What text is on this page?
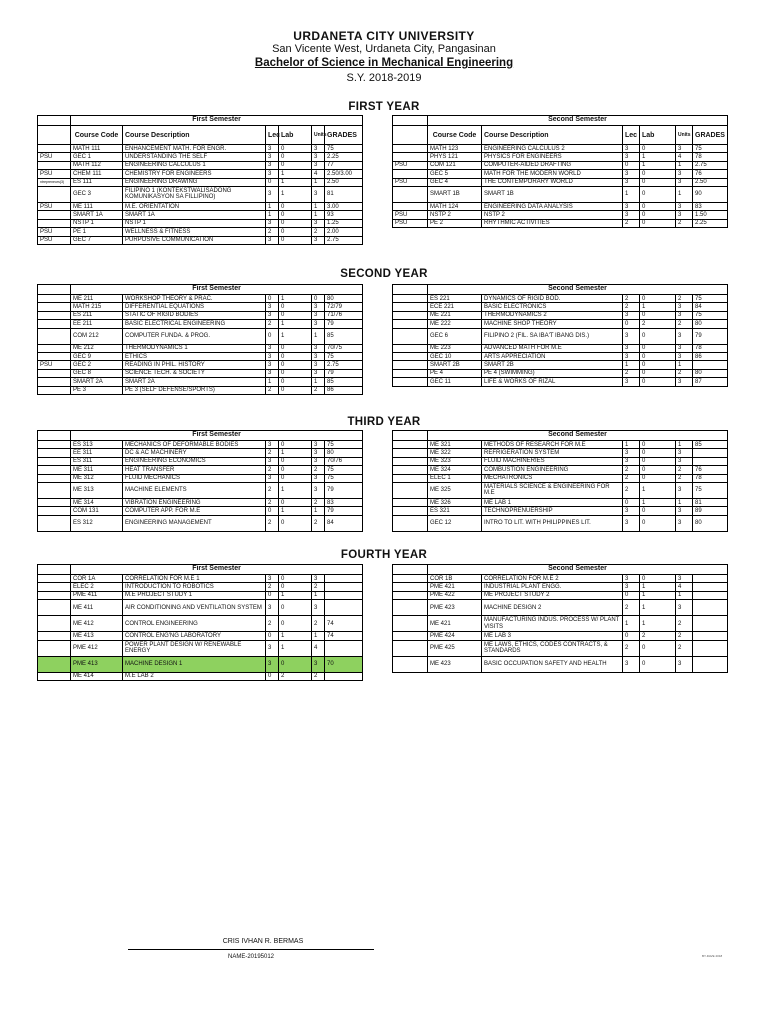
URDANETA CITY UNIVERSITY
San Vicente West, Urdaneta City, Pangasinan
Bachelor of Science in Mechanical Engineering
S.Y. 2018-2019
FIRST YEAR
	First Semester					
	Course Code	Course Description	Lec	Lab	Units	GRADES
	MATH 111	ENHANCEMENT MATH. FOR ENGR.	3	0	3	75
PSU	GEC 1	UNDERSTANDING THE SELF	3	0	3	2.25
	MATH 112	ENGINEERING CALCULUS 1	3	0	3	77
PSU	CHEM 111	CHEMISTRY FOR ENGINEERS	3	1	4	2.50/3.00
ntrepreneurs(3)	ES 111	ENGINEERING DRAWING	0	1	1	2.50
	GEC 3	FILIPINO 1 (KONTEKSTWALISADONG KOMUNIKASYON SA FILLIPINO)	3	1	3	81
PSU	ME 111	M.E. ORIENTATION	1	0	1	3.00
	SMART 1A	SMART 1A	1	0	1	93
	NSTP 1	NSTP 1	3	0	3	1.25
PSU	PE 1	WELLNESS & FITNESS	2	0	2	2.00
PSU	GEC 7	PURPOSIVE COMMUNICATION	3	0	3	2.75
	Second Semester					
	Course Code	Course Description	Lec	Lab	Units	GRADES
	MATH 123	ENGINEERING CALCULUS 2	3	0	3	75
	PHYS 121	PHYSICS FOR ENGINEERS	3	1	4	78
PSU	COM 121	COMPUTER-AIDED DRAFTING	0	1	1	2.75
	GEC 5	MATH FOR THE MODERN WORLD	3	0	3	76
PSU	GEC 4	THE CONTEMPORARY WORLD	3	0	3	2.50
	SMART 1B	SMART 1B	1	0	1	90
	MATH 124	ENGINEERING DATA ANALYSIS	3	0	3	83
PSU	NSTP 2	NSTP 2	3	0	3	1.50
PSU	PE 2	RHYTHMIC ACTIVITIES	2	0	2	2.25
SECOND YEAR
	First Semester					
	ME 211	WORKSHOP THEORY & PRAC.	0	1	0	80
	MATH 215	DIFFERENTIAL EQUATIONS	3	0	3	72/79
	ES 211	STATIC OF RIGID BODIES	3	0	3	71/76
	EE 211	BASIC ELECTRICAL ENGINEERING	2	1	3	79
	COM 212	COMPUTER FUNDA. & PROG.	0	1	1	85
	ME 212	THERMODYNAMICS 1	3	0	3	70/75
	GEC 9	ETHICS	3	0	3	75
PSU	GEC 2	READING IN PHIL. HISTORY	3	0	3	2.75
	GEC 8	SCIENCE TECH. & SOCIETY	3	0	3	79
	SMART 2A	SMART 2A	1	0	1	85
	PE 3	PE 3 (SELF DEFENSE/SPORTS)	2	0	2	86
	Second Semester					
	ES 221	DYNAMICS OF RIGID BOD.	2	0	2	75
	ECE 221	BASIC ELECTRONICS	2	1	3	84
	ME 221	THERMODYNAMICS 2	3	0	3	75
	ME 222	MACHINE SHOP THEORY	0	2	2	80
	GEC 6	FILIPINO 2 (FIL. SA IBA'T IBANG DIS.)	3	0	3	79
	ME 223	ADVANCED MATH FOR M.E	3	0	3	78
	GEC 10	ARTS APPRECIATION	3	0	3	86
	SMART 2B	SMART 2B	1	0	1	
	PE 4	PE 4 (SWIMMING)	2	0	2	80
	GEC 11	LIFE & WORKS OF RIZAL	3	0	3	87
THIRD YEAR
	First Semester					
	ES 313	MECHANICS OF DEFORMABLE BODIES	3	0	3	75
	EE 311	DC & AC MACHINERY	2	1	3	80
	ES 311	ENGINEERING ECONOMICS	3	0	3	70/76
	ME 311	HEAT TRANSFER	2	0	2	75
	ME 312	FLUID MECHANICS	3	0	3	75
	ME 313	MACHINE ELEMENTS	2	1	3	79
	ME 314	VIBRATION ENGINEERING	2	0	2	83
	COM 131	COMPUTER APP. FOR M.E	0	1	1	79
	ES 312	ENGINEERING MANAGEMENT	2	0	2	84
	Second Semester					
	ME 321	METHODS OF RESEARCH FOR M.E	1	0	1	85
	ME 322	REFRIGERATION SYSTEM	3	0	3	
	ME 323	FLUID MACHINERIES	3	0	3	
	ME 324	COMBUSTION ENGINEERING	2	0	2	76
	ELEC 1	MECHATRONICS	2	0	2	78
	ME 325	MATERIALS SCIENCE & ENGINEERING FOR M.E	2	1	3	75
	ME 326	ME LAB 1	0	1	1	81
	ES 321	TECHNOPRENUERSHIP	3	0	3	89
	GEC 12	INTRO TO LIT. WITH PHILIPPINES LIT.	3	0	3	80
FOURTH YEAR
	First Semester					
	COR 1A	CORRELATION FOR M.E 1	3	0	3	
	ELEC 2	INTRODUCTION TO ROBOTICS	2	0	2	
	PME 411	M.E PROJECT STUDY 1	0	1	1	
	ME 411	AIR CONDITIONING AND VENTILATION SYSTEM	3	0	3	
	ME 412	CONTROL ENGINEERING	2	0	2	74
	ME 413	CONTROL ENG'NG LABORATORY	0	1	1	74
	PME 412	POWER PLANT DESIGN W/ RENEWABLE ENERGY	3	1	4	
	PME 413	MACHINE DESIGN 1	3	0	3	70
	ME 414	M.E LAB 2	0	2	2	
	Second Semester					
	COR 1B	CORRELATION FOR M.E 2	3	0	3	
	PME 421	INDUSTRIAL PLANT ENGG.	3	1	4	
	PME 422	ME PROJECT STUDY 2	0	1	1	
	PME 423	MACHINE DESIGN 2	2	1	3	
	ME 421	MANUFACTURING INDUS. PROCESS W/ PLANT VISITS	1	1	2	
	PME 424	ME LAB 3	0	2	2	
	PME 425	ME LAWS, ETHICS, CODES CONTRACTS, & STANDARDS	2	0	2	
	ME 423	BASIC OCCUPATION SAFETY AND HEALTH	3	0	3	
CRIS IVHAN R. BERMAS
NAME-20195012	BY-DAVE 2018
